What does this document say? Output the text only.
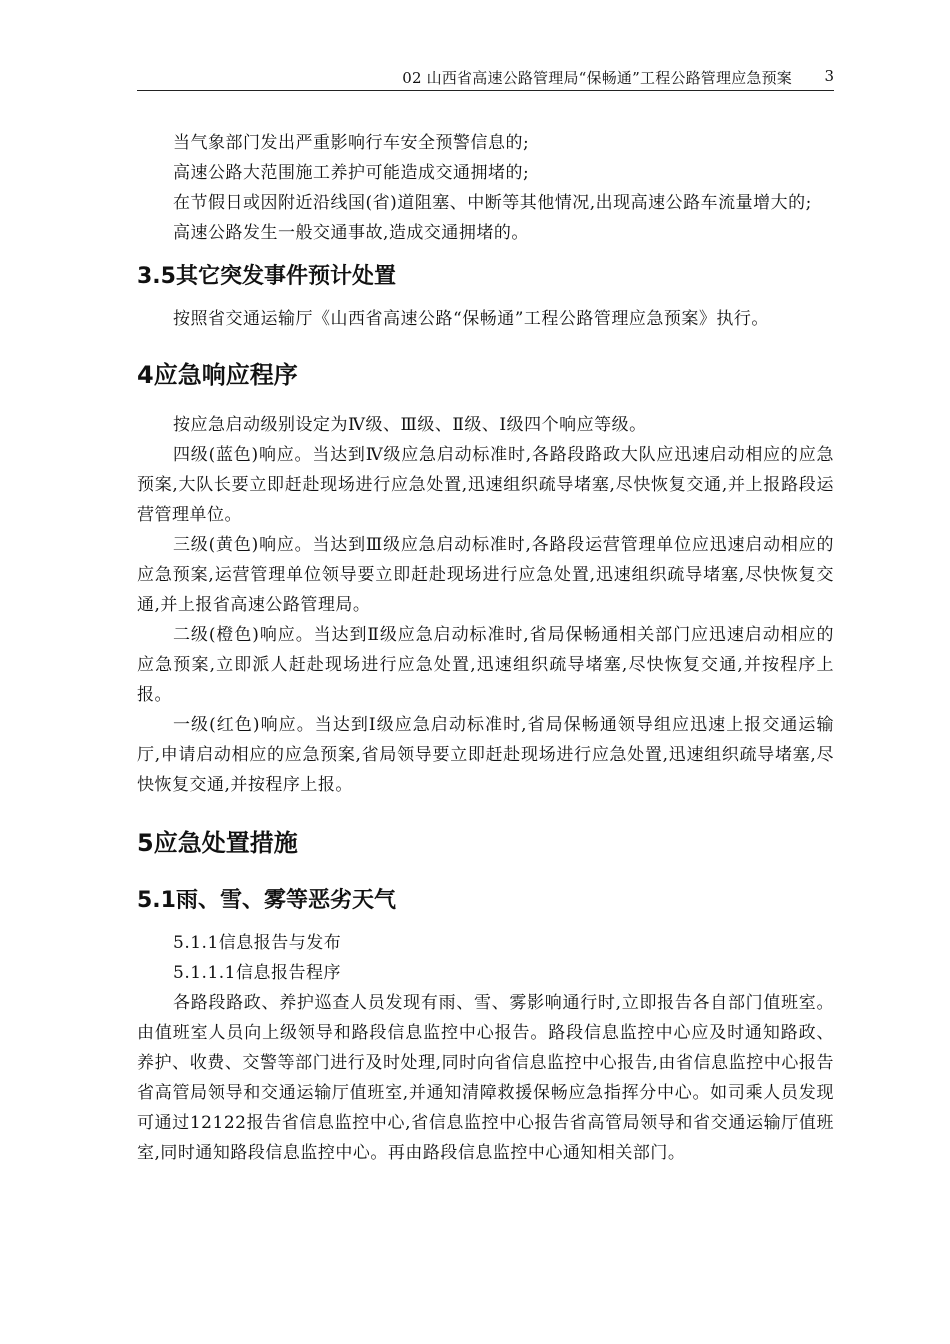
02 山西省高速公路管理局“保畅通”工程公路管理应急预案 3

当气象部门发出严重影响行车安全预警信息的;

高速公路大范围施工养护可能造成交通拥堵的;

在节假日或因附近沿线国(省)道阻塞、中断等其他情况,出现高速公路车流量增大的;

高速公路发生一般交通事故,造成交通拥堵的。

3.5其它突发事件预计处置

按照省交通运输厅《山西省高速公路“保畅通”工程公路管理应急预案》执行。

4应急响应程序

按应急启动级别设定为Ⅳ级、Ⅲ级、Ⅱ级、Ⅰ级四个响应等级。

四级(蓝色)响应。当达到Ⅳ级应急启动标准时,各路段路政大队应迅速启动相应的应急预案,大队长要立即赶赴现场进行应急处置,迅速组织疏导堵塞,尽快恢复交通,并上报路段运营管理单位。

三级(黄色)响应。当达到Ⅲ级应急启动标准时,各路段运营管理单位应迅速启动相应的应急预案,运营管理单位领导要立即赶赴现场进行应急处置,迅速组织疏导堵塞,尽快恢复交通,并上报省高速公路管理局。

二级(橙色)响应。当达到Ⅱ级应急启动标准时,省局保畅通相关部门应迅速启动相应的应急预案,立即派人赶赴现场进行应急处置,迅速组织疏导堵塞,尽快恢复交通,并按程序上报。

一级(红色)响应。当达到Ⅰ级应急启动标准时,省局保畅通领导组应迅速上报交通运输厅,申请启动相应的应急预案,省局领导要立即赶赴现场进行应急处置,迅速组织疏导堵塞,尽快恢复交通,并按程序上报。

5应急处置措施
5.1雨、雪、雾等恶劣天气
5.1.1信息报告与发布
5.1.1.1信息报告程序

各路段路政、养护巡查人员发现有雨、雪、雾影响通行时,立即报告各自部门值班室。由值班室人员向上级领导和路段信息监控中心报告。路段信息监控中心应及时通知路政、养护、收费、交警等部门进行及时处理,同时向省信息监控中心报告,由省信息监控中心报告省高管局领导和交通运输厅值班室,并通知清障救援保畅应急指挥分中心。如司乘人员发现可通过12122报告省信息监控中心,省信息监控中心报告省高管局领导和省交通运输厅值班室,同时通知路段信息监控中心。再由路段信息监控中心通知相关部门。
